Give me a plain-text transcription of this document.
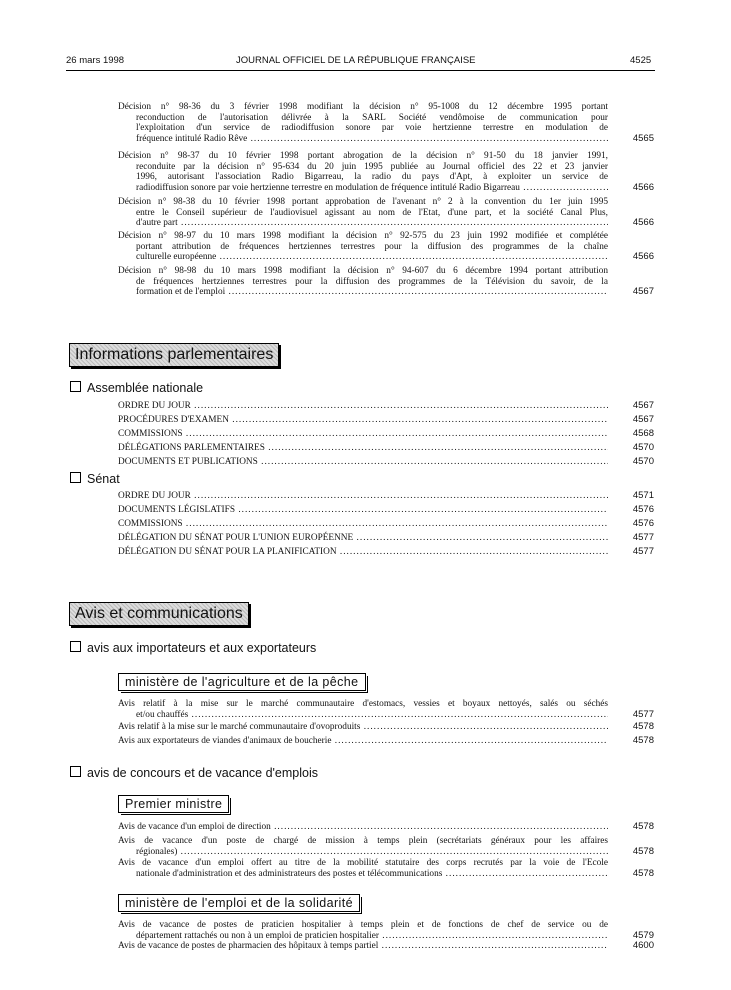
26 mars 1998	JOURNAL OFFICIEL DE LA RÉPUBLIQUE FRANÇAISE	4525
Décision n° 98-36 du 3 février 1998 modifiant la décision n° 95-1008 du 12 décembre 1995 portant
reconduction de l'autorisation délivrée à la SARL Société vendômoise de communication pour
l'exploitation d'un service de radiodiffusion sonore par voie hertzienne terrestre en modulation de
fréquence intitulé Radio Rêve .....	4565
Décision n° 98-37 du 10 février 1998 portant abrogation de la décision n° 91-50 du 18 janvier 1991,
reconduite par la décision n° 95-634 du 20 juin 1995 publiée au Journal officiel des 22 et 23 janvier
1996, autorisant l'association Radio Bigarreau, la radio du pays d'Apt, à exploiter un service de
radiodiffusion sonore par voie hertzienne terrestre en modulation de fréquence intitulé Radio Bigarreau .....	4566
Décision n° 98-38 du 10 février 1998 portant approbation de l'avenant n° 2 à la convention du 1er juin 1995
entre le Conseil supérieur de l'audiovisuel agissant au nom de l'Etat, d'une part, et la société Canal Plus,
d'autre part .....	4566
Décision n° 98-97 du 10 mars 1998 modifiant la décision n° 92-575 du 23 juin 1992 modifiée et complétée
portant attribution de fréquences hertziennes terrestres pour la diffusion des programmes de la chaîne
culturelle européenne .....	4566
Décision n° 98-98 du 10 mars 1998 modifiant la décision n° 94-607 du 6 décembre 1994 portant attribution
de fréquences hertziennes terrestres pour la diffusion des programmes de la Télévision du savoir, de la
formation et de l'emploi .....	4567
Informations parlementaires
Assemblée nationale
ORDRE DU JOUR .....	4567
PROCÉDURES D'EXAMEN .....	4567
COMMISSIONS .....	4568
DÉLÉGATIONS PARLEMENTAIRES .....	4570
DOCUMENTS ET PUBLICATIONS .....	4570
Sénat
ORDRE DU JOUR .....	4571
DOCUMENTS LÉGISLATIFS .....	4576
COMMISSIONS .....	4576
DÉLÉGATION DU SÉNAT POUR L'UNION EUROPÉENNE .....	4577
DÉLÉGATION DU SÉNAT POUR LA PLANIFICATION .....	4577
Avis et communications
avis aux importateurs et aux exportateurs
ministère de l'agriculture et de la pêche
Avis relatif à la mise sur le marché communautaire d'estomacs, vessies et boyaux nettoyés, salés ou séchés
et/ou chauffés .....	4577
Avis relatif à la mise sur le marché communautaire d'ovoproduits .....	4578
Avis aux exportateurs de viandes d'animaux de boucherie .....	4578
avis de concours et de vacance d'emplois
Premier ministre
Avis de vacance d'un emploi de direction .....	4578
Avis de vacance d'un poste de chargé de mission à temps plein (secrétariats généraux pour les affaires
régionales) .....	4578
Avis de vacance d'un emploi offert au titre de la mobilité statutaire des corps recrutés par la voie de l'Ecole
nationale d'administration et des administrateurs des postes et télécommunications .....	4578
ministère de l'emploi et de la solidarité
Avis de vacance de postes de praticien hospitalier à temps plein et de fonctions de chef de service ou de
département rattachés ou non à un emploi de praticien hospitalier .....	4579
Avis de vacance de postes de pharmacien des hôpitaux à temps partiel .....	4600
